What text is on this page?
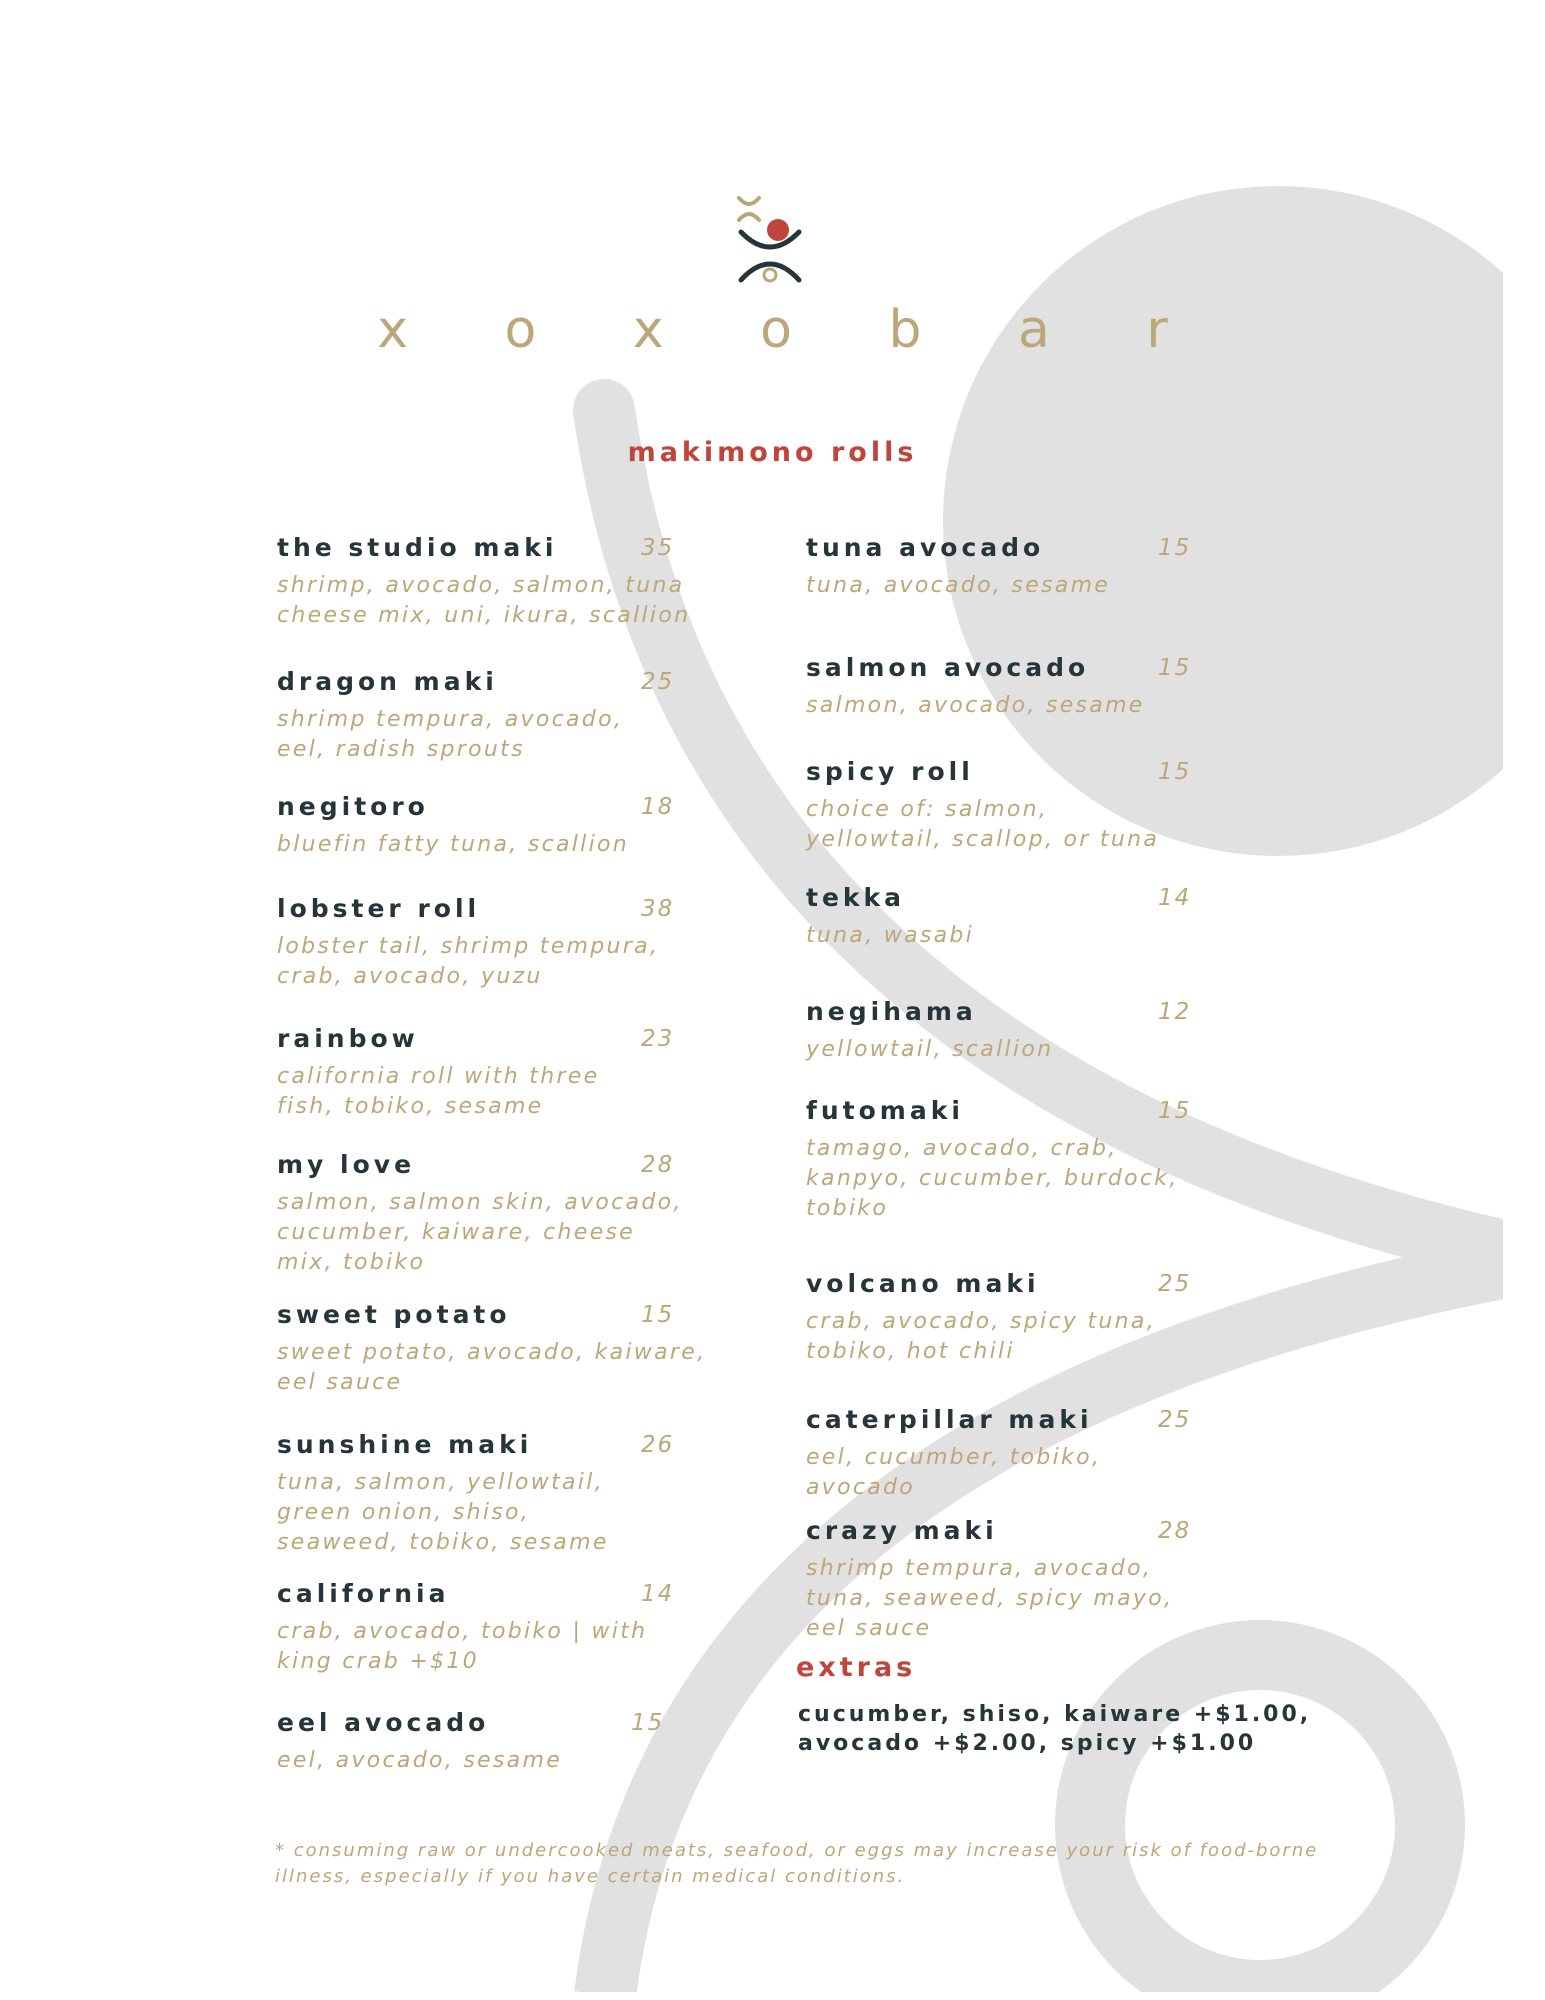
x o x o b a r
makimono rolls
the studio maki	35
shrimp, avocado, salmon, tuna
cheese mix, uni, ikura, scallion
dragon maki	25
shrimp tempura, avocado,
eel, radish sprouts
negitoro	18
bluefin fatty tuna, scallion
lobster roll	38
lobster tail, shrimp tempura,
crab, avocado, yuzu
rainbow	23
california roll with three
fish, tobiko, sesame
my love	28
salmon, salmon skin, avocado,
cucumber, kaiware, cheese
mix, tobiko
sweet potato	15
sweet potato, avocado, kaiware,
eel sauce
sunshine maki	26
tuna, salmon, yellowtail,
green onion, shiso,
seaweed, tobiko, sesame
california	14
crab, avocado, tobiko | with
king crab +$10
eel avocado	15
eel, avocado, sesame
tuna avocado	15
tuna, avocado, sesame
salmon avocado	15
salmon, avocado, sesame
spicy roll	15
choice of: salmon,
yellowtail, scallop, or tuna
tekka	14
tuna, wasabi
negihama	12
yellowtail, scallion
futomaki	15
tamago, avocado, crab,
kanpyo, cucumber, burdock,
tobiko
volcano maki	25
crab, avocado, spicy tuna,
tobiko, hot chili
caterpillar maki	25
eel, cucumber, tobiko,
avocado
crazy maki	28
shrimp tempura, avocado,
tuna, seaweed, spicy mayo,
eel sauce
extras
cucumber, shiso, kaiware +$1.00,
avocado +$2.00, spicy +$1.00
* consuming raw or undercooked meats, seafood, or eggs may increase your risk of food-borne
illness, especially if you have certain medical conditions.
